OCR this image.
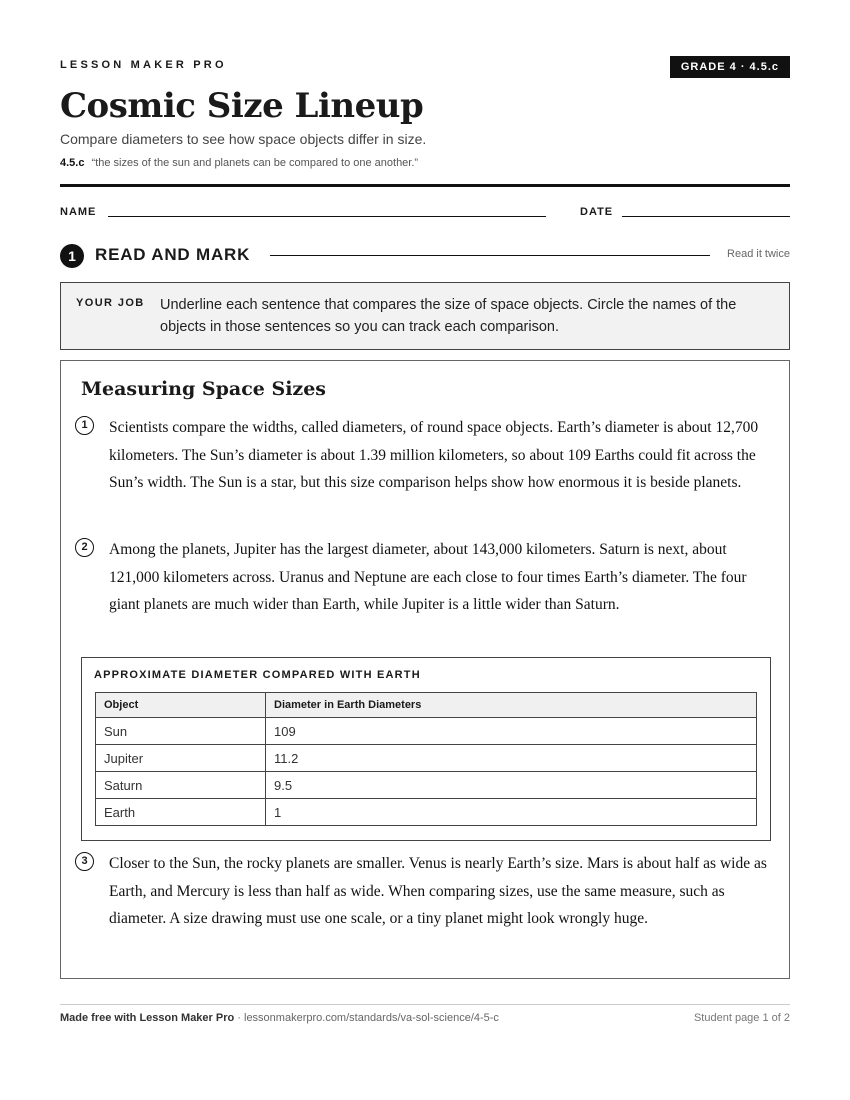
LESSON MAKER PRO	GRADE 4 · 4.5.c
Cosmic Size Lineup
Compare diameters to see how space objects differ in size.
4.5.c “the sizes of the sun and planets can be compared to one another.”
NAME	DATE
1	READ AND MARK	Read it twice
YOUR JOB Underline each sentence that compares the size of space objects. Circle the names of the objects in those sentences so you can track each comparison.
Measuring Space Sizes
1	Scientists compare the widths, called diameters, of round space objects. Earth’s diameter is about 12,700 kilometers. The Sun’s diameter is about 1.39 million kilometers, so about 109 Earths could fit across the Sun’s width. The Sun is a star, but this size comparison helps show how enormous it is beside planets.
2	Among the planets, Jupiter has the largest diameter, about 143,000 kilometers. Saturn is next, about 121,000 kilometers across. Uranus and Neptune are each close to four times Earth’s diameter. The four giant planets are much wider than Earth, while Jupiter is a little wider than Saturn.
APPROXIMATE DIAMETER COMPARED WITH EARTH
Object	Diameter in Earth Diameters
Sun	109
Jupiter	11.2
Saturn	9.5
Earth	1
3	Closer to the Sun, the rocky planets are smaller. Venus is nearly Earth’s size. Mars is about half as wide as Earth, and Mercury is less than half as wide. When comparing sizes, use the same measure, such as diameter. A size drawing must use one scale, or a tiny planet might look wrongly huge.
Made free with Lesson Maker Pro · lessonmakerpro.com/standards/va-sol-science/4-5-c	Student page 1 of 2
